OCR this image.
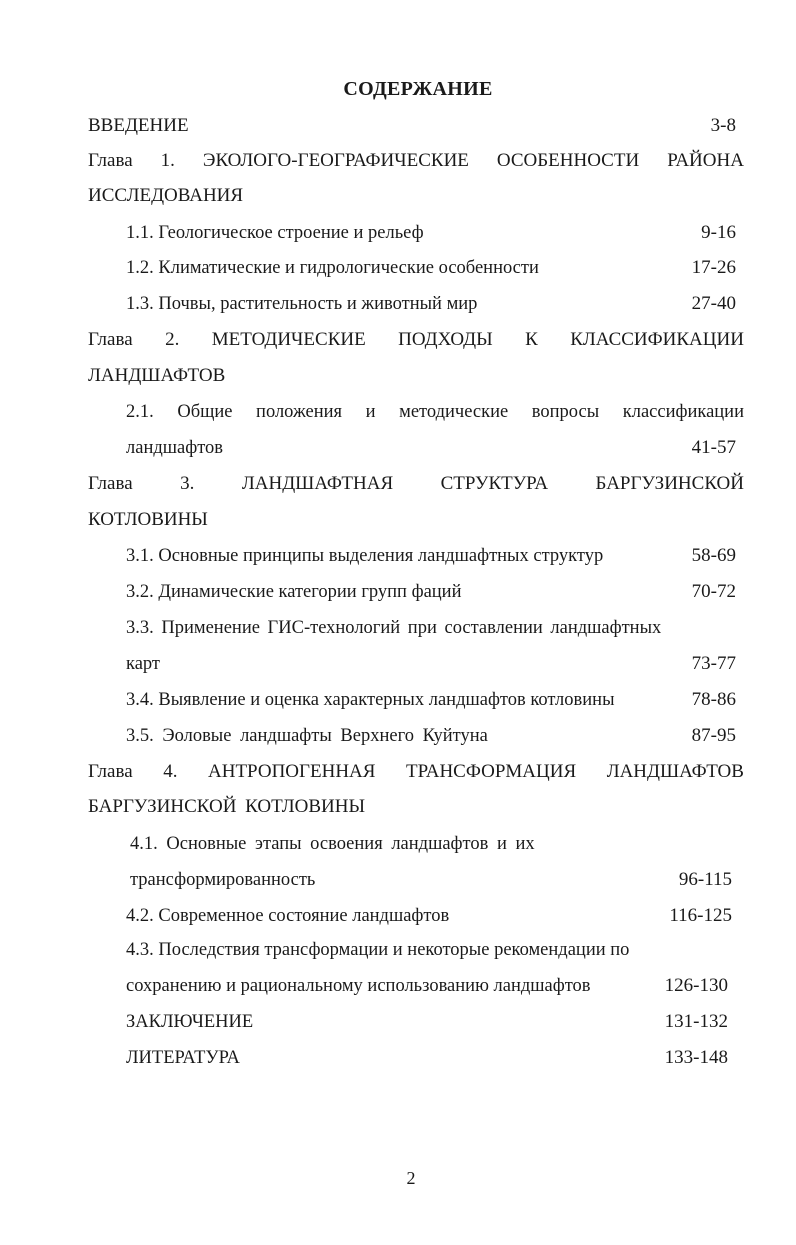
СОДЕРЖАНИЕ
ВВЕДЕНИЕ	3-8
Глава 1. ЭКОЛОГО-ГЕОГРАФИЧЕСКИЕ ОСОБЕННОСТИ РАЙОНА
ИССЛЕДОВАНИЯ
1.1. Геологическое строение и рельеф	9-16
1.2. Климатические и гидрологические особенности	17-26
1.3. Почвы, растительность и животный мир	27-40
Глава 2. МЕТОДИЧЕСКИЕ ПОДХОДЫ К КЛАССИФИКАЦИИ
ЛАНДШАФТОВ
2.1. Общие положения и методические вопросы классификации
ландшафтов	41-57
Глава	3.	ЛАНДШАФТНАЯ	СТРУКТУРА	БАРГУЗИНСКОЙ
КОТЛОВИНЫ
3.1. Основные принципы выделения ландшафтных структур	58-69
3.2. Динамические категории групп фаций	70-72
3.3. Применение ГИС-технологий при составлении ландшафтных
карт	73-77
3.4. Выявление и оценка характерных ландшафтов котловины	78-86
3.5. Эоловые ландшафты Верхнего Куйтуна	87-95
Глава 4. АНТРОПОГЕННАЯ ТРАНСФОРМАЦИЯ ЛАНДШАФТОВ
БАРГУЗИНСКОЙ КОТЛОВИНЫ
4.1. Основные этапы освоения ландшафтов и их
трансформированность	96-115
4.2. Современное состояние ландшафтов	116-125
4.3. Последствия трансформации и некоторые рекомендации по
сохранению и рациональному использованию ландшафтов	126-130
ЗАКЛЮЧЕНИЕ	131-132
ЛИТЕРАТУРА	133-148
2
